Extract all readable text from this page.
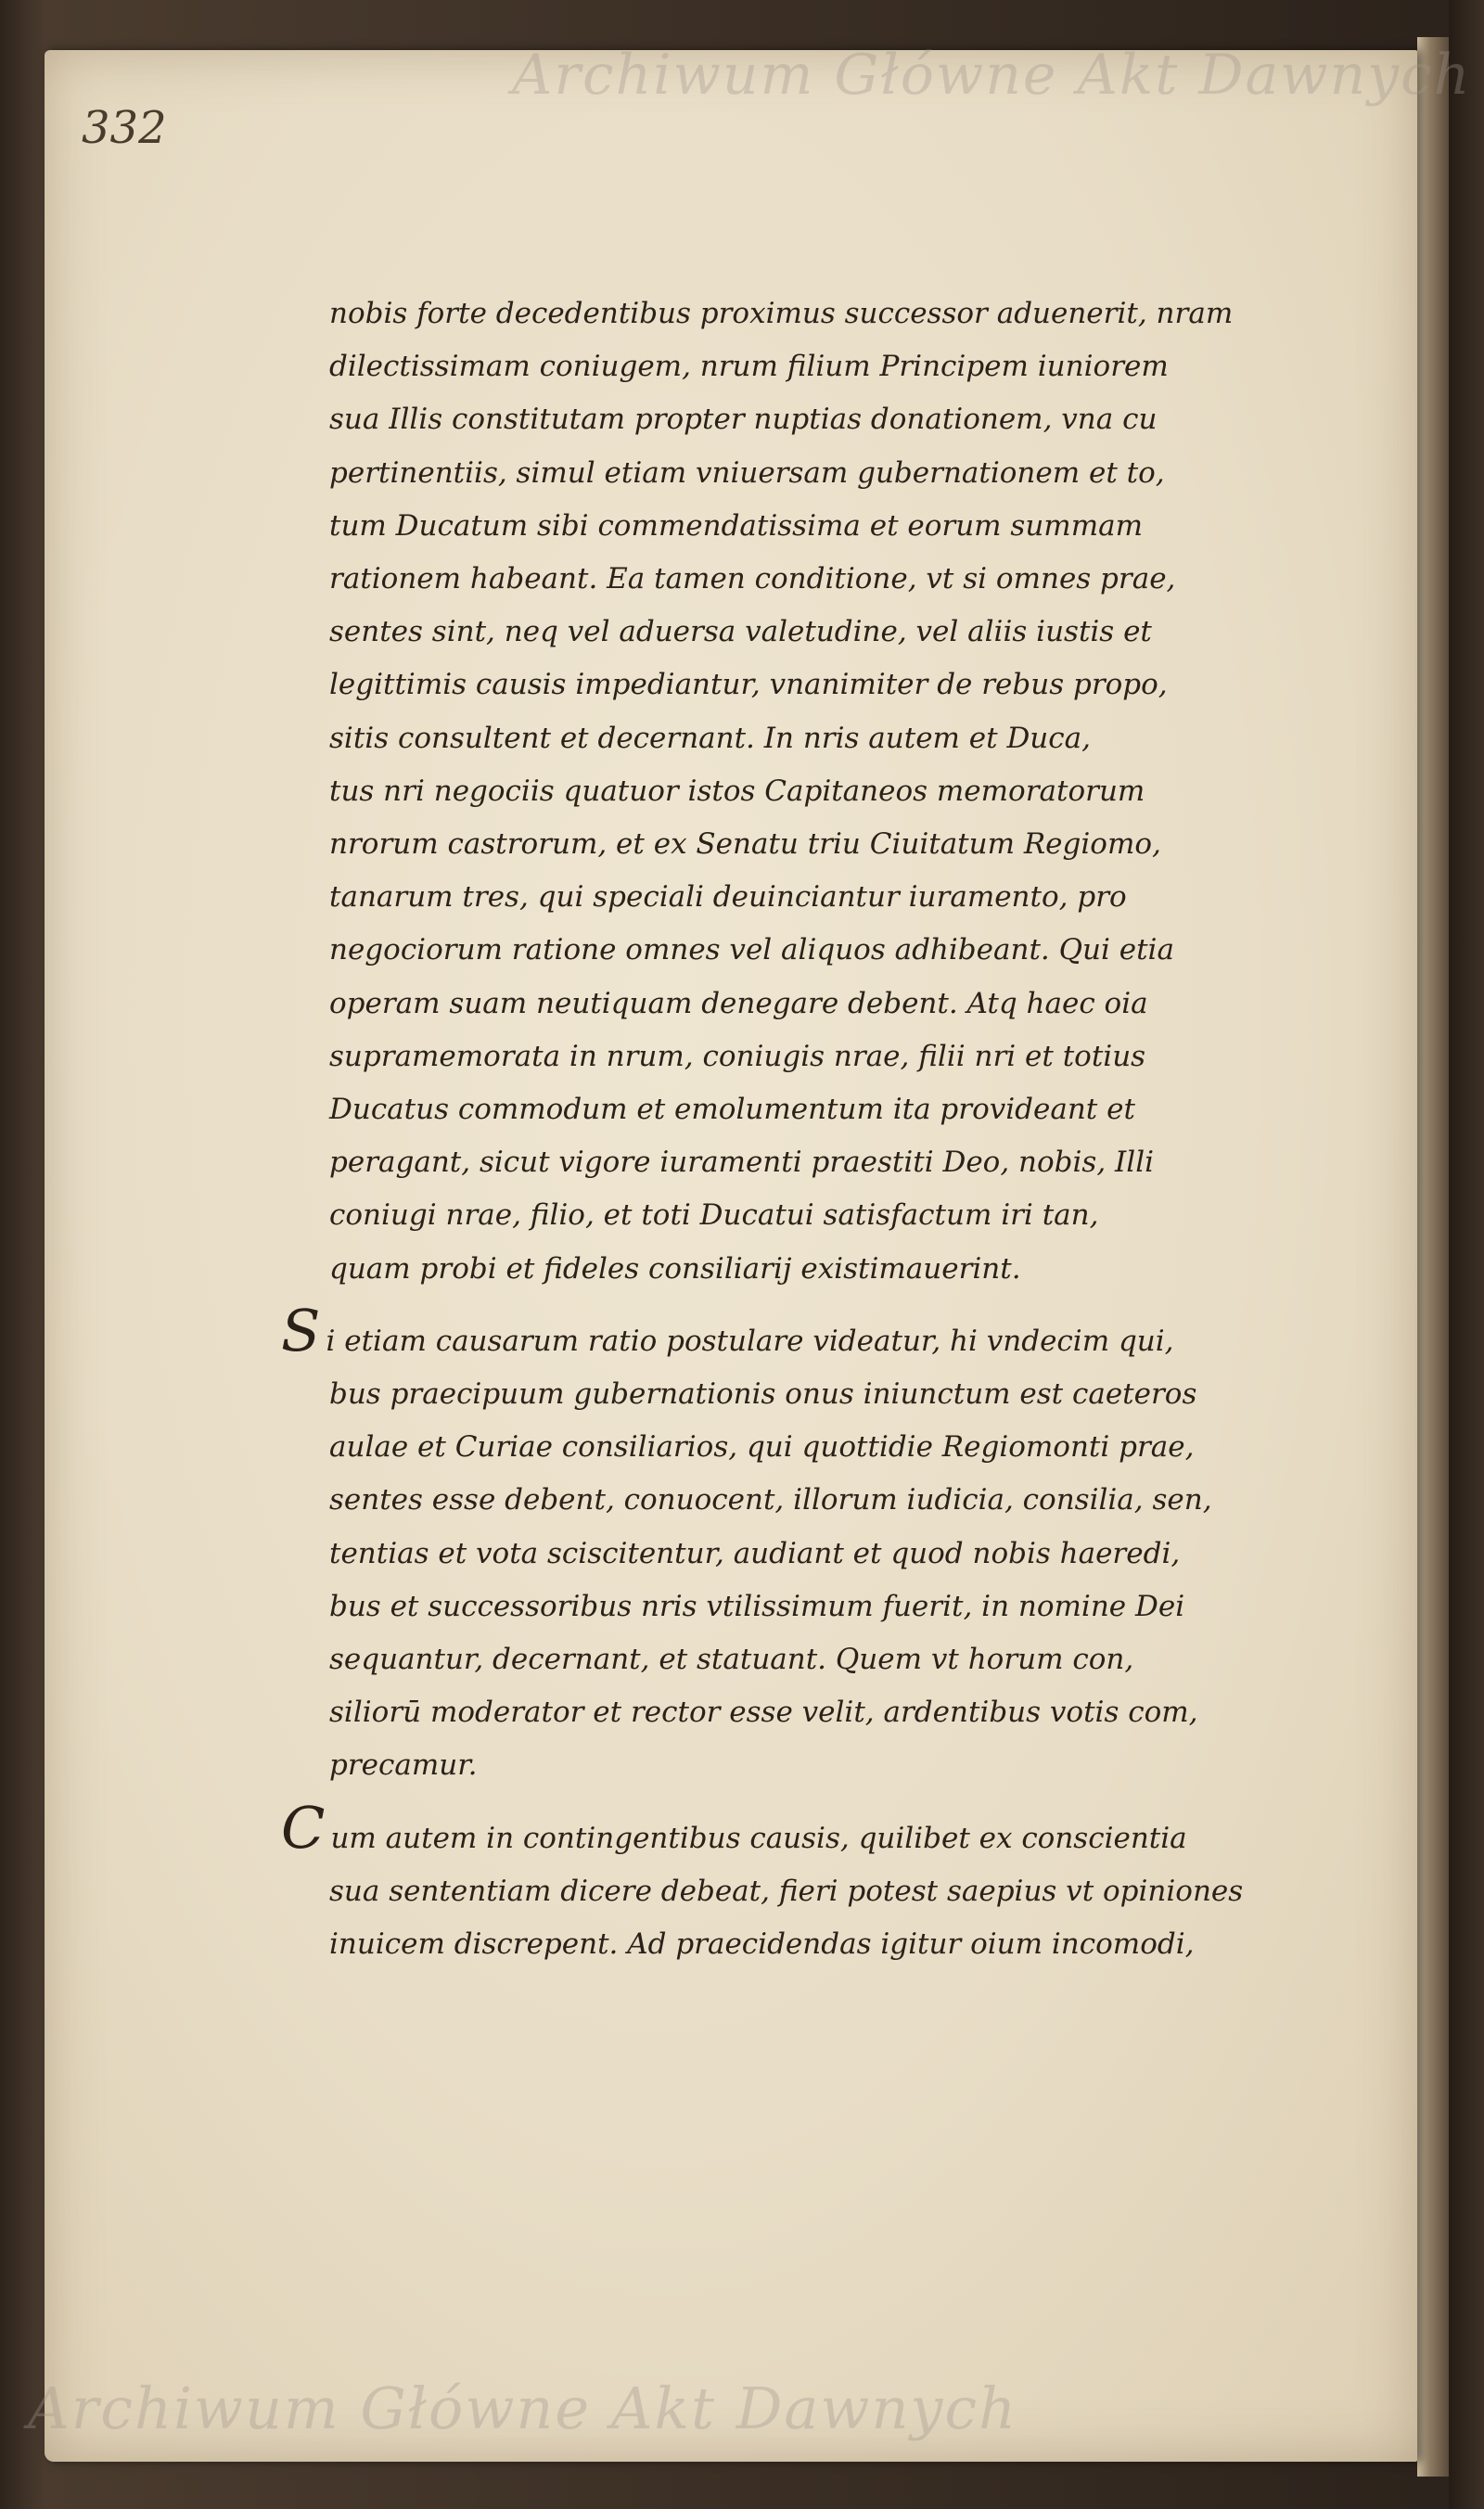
Archiwum Główne Akt Dawnych
Archiwum Główne Akt Dawnych
332
nobis forte decedentibus proximus successor aduenerit, nram
dilectissimam coniugem, nrum filium Principem iuniorem
sua Illis constitutam propter nuptias donationem, vna cu
pertinentiis, simul etiam vniuersam gubernationem et to,
tum Ducatum sibi commendatissima et eorum summam
rationem habeant. Ea tamen conditione, vt si omnes prae,
sentes sint, neq vel aduersa valetudine, vel aliis iustis et
legittimis causis impediantur, vnanimiter de rebus propo,
sitis consultent et decernant. In nris autem et Duca,
tus nri negociis quatuor istos Capitaneos memoratorum
nrorum castrorum, et ex Senatu triu Ciuitatum Regiomo,
tanarum tres, qui speciali deuinciantur iuramento, pro
negociorum ratione omnes vel aliquos adhibeant. Qui etia
operam suam neutiquam denegare debent. Atq haec oia
supramemorata in nrum, coniugis nrae, filii nri et totius
Ducatus commodum et emolumentum ita provideant et
peragant, sicut vigore iuramenti praestiti Deo, nobis, Illi
coniugi nrae, filio, et toti Ducatui satisfactum iri tan,
quam probi et fideles consiliarij existimauerint.
Si etiam causarum ratio postulare videatur, hi vndecim qui,
bus praecipuum gubernationis onus iniunctum est caeteros
aulae et Curiae consiliarios, qui quottidie Regiomonti prae,
sentes esse debent, conuocent, illorum iudicia, consilia, sen,
tentias et vota sciscitentur, audiant et quod nobis haeredi,
bus et successoribus nris vtilissimum fuerit, in nomine Dei
sequantur, decernant, et statuant. Quem vt horum con,
siliorū moderator et rector esse velit, ardentibus votis com,
precamur.
Cum autem in contingentibus causis, quilibet ex conscientia
sua sententiam dicere debeat, fieri potest saepius vt opiniones
inuicem discrepent. Ad praecidendas igitur oium incomodi,
